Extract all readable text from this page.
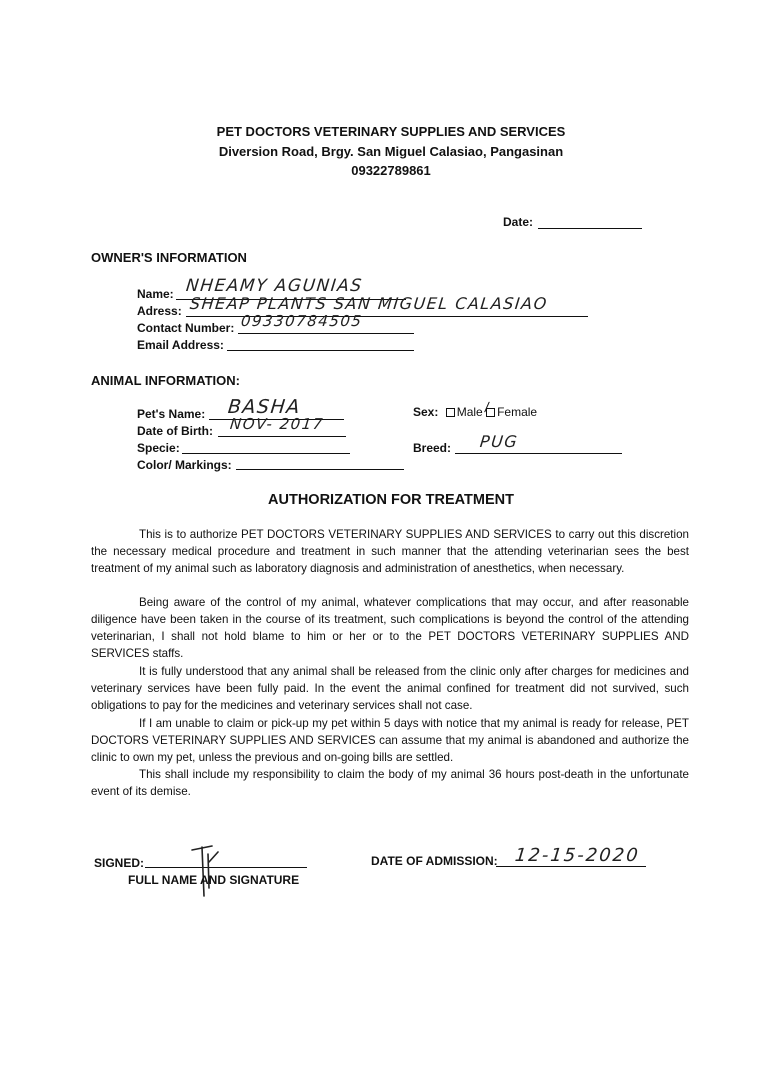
PET DOCTORS VETERINARY SUPPLIES AND SERVICES
Diversion Road, Brgy. San Miguel Calasiao, Pangasinan
09322789861
Date:
OWNER'S INFORMATION
Name: NHEAMY AGUNIAS
Adress: SHEAP PLANTS SAN MIGUEL CALASIAO
Contact Number: 09330784505
Email Address:
ANIMAL INFORMATION:
Pet's Name: BASHA
Date of Birth: NOV- 2017
Specie:
Color/ Markings:
Sex: Male / Female
Breed: PUG
AUTHORIZATION FOR TREATMENT

This is to authorize PET DOCTORS VETERINARY SUPPLIES AND SERVICES to carry out this discretion the necessary medical procedure and treatment in such manner that the attending veterinarian sees the best treatment of my animal such as laboratory diagnosis and administration of anesthetics, when necessary.

Being aware of the control of my animal, whatever complications that may occur, and after reasonable diligence have been taken in the course of its treatment, such complications is beyond the control of the attending veterinarian, I shall not hold blame to him or her or to the PET DOCTORS VETERINARY SUPPLIES AND SERVICES staffs.

It is fully understood that any animal shall be released from the clinic only after charges for medicines and veterinary services have been fully paid. In the event the animal confined for treatment did not survived, such obligations to pay for the medicines and veterinary services shall not case.

If I am unable to claim or pick-up my pet within 5 days with notice that my animal is ready for release, PET DOCTORS VETERINARY SUPPLIES AND SERVICES can assume that my animal is abandoned and authorize the clinic to own my pet, unless the previous and on-going bills are settled.

This shall include my responsibility to claim the body of my animal 36 hours post-death in the unfortunate event of its demise.

SIGNED:
FULL NAME AND SIGNATURE
DATE OF ADMISSION: 12-15-2020
